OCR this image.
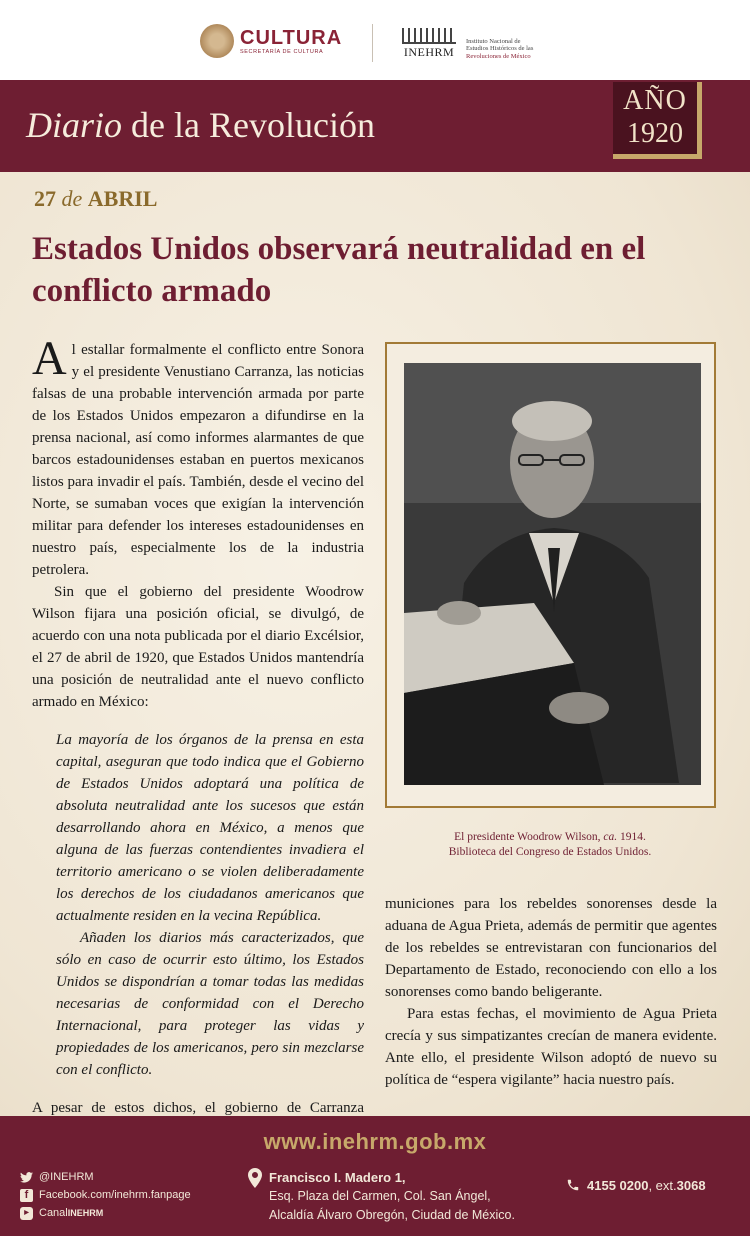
CULTURA
SECRETARÍA DE CULTURA	INEHRM
Instituto Nacional de
Estudios Históricos de las
Revoluciones de México
Diario de la Revolución
AÑO
1920
27 de ABRIL
Estados Unidos observará neutralidad en el conflicto armado

Al estallar formalmente el conflicto entre Sonora y el presidente Venustiano Carranza, las noticias falsas de una probable intervención armada por parte de los Estados Unidos empezaron a difundirse en la prensa nacional, así como informes alarmantes de que barcos estadounidenses estaban en puertos mexicanos listos para invadir el país. También, desde el vecino del Norte, se sumaban voces que exigían la intervención militar para defender los intereses estadounidenses en nuestro país, especialmente los de la industria petrolera.

Sin que el gobierno del presidente Woodrow Wilson fijara una posición oficial, se divulgó, de acuerdo con una nota publicada por el diario Excélsior, el 27 de abril de 1920, que Estados Unidos mantendría una posición de neutralidad ante el nuevo conflicto armado en México:

La mayoría de los órganos de la prensa en esta capital, aseguran que todo indica que el Gobierno de Estados Unidos adoptará una política de absoluta neutralidad ante los sucesos que están desarrollando ahora en México, a menos que alguna de las fuerzas contendientes invadiera el territorio americano o se violen deliberadamente los derechos de los ciudadanos americanos que actualmente residen en la vecina República.

Añaden los diarios más caracterizados, que sólo en caso de ocurrir esto último, los Estados Unidos se dispondrían a tomar todas las medidas necesarias de conformidad con el Derecho Internacional, para proteger las vidas y propiedades de los americanos, pero sin mezclarse con el conflicto.

A pesar de estos dichos, el gobierno de Carranza

El presidente Woodrow Wilson, ca. 1914.
Biblioteca del Congreso de Estados Unidos.

municiones para los rebeldes sonorenses desde la aduana de Agua Prieta, además de permitir que agentes de los rebeldes se entrevistaran con funcionarios del Departamento de Estado, reconociendo con ello a los sonorenses como bando beligerante.

Para estas fechas, el movimiento de Agua Prieta crecía y sus simpatizantes crecían de manera evidente. Ante ello, el presidente Wilson adoptó de nuevo su política de “espera vigilante” hacia nuestro país.

www.inehrm.gob.mx
@INEHRM
f Facebook.com/inehrm.fanpage
▶ Canal INEHRM
Francisco I. Madero 1,
Esq. Plaza del Carmen, Col. San Ángel,
Alcaldía Álvaro Obregón, Ciudad de México.
4155 0200 , ext. 3068
